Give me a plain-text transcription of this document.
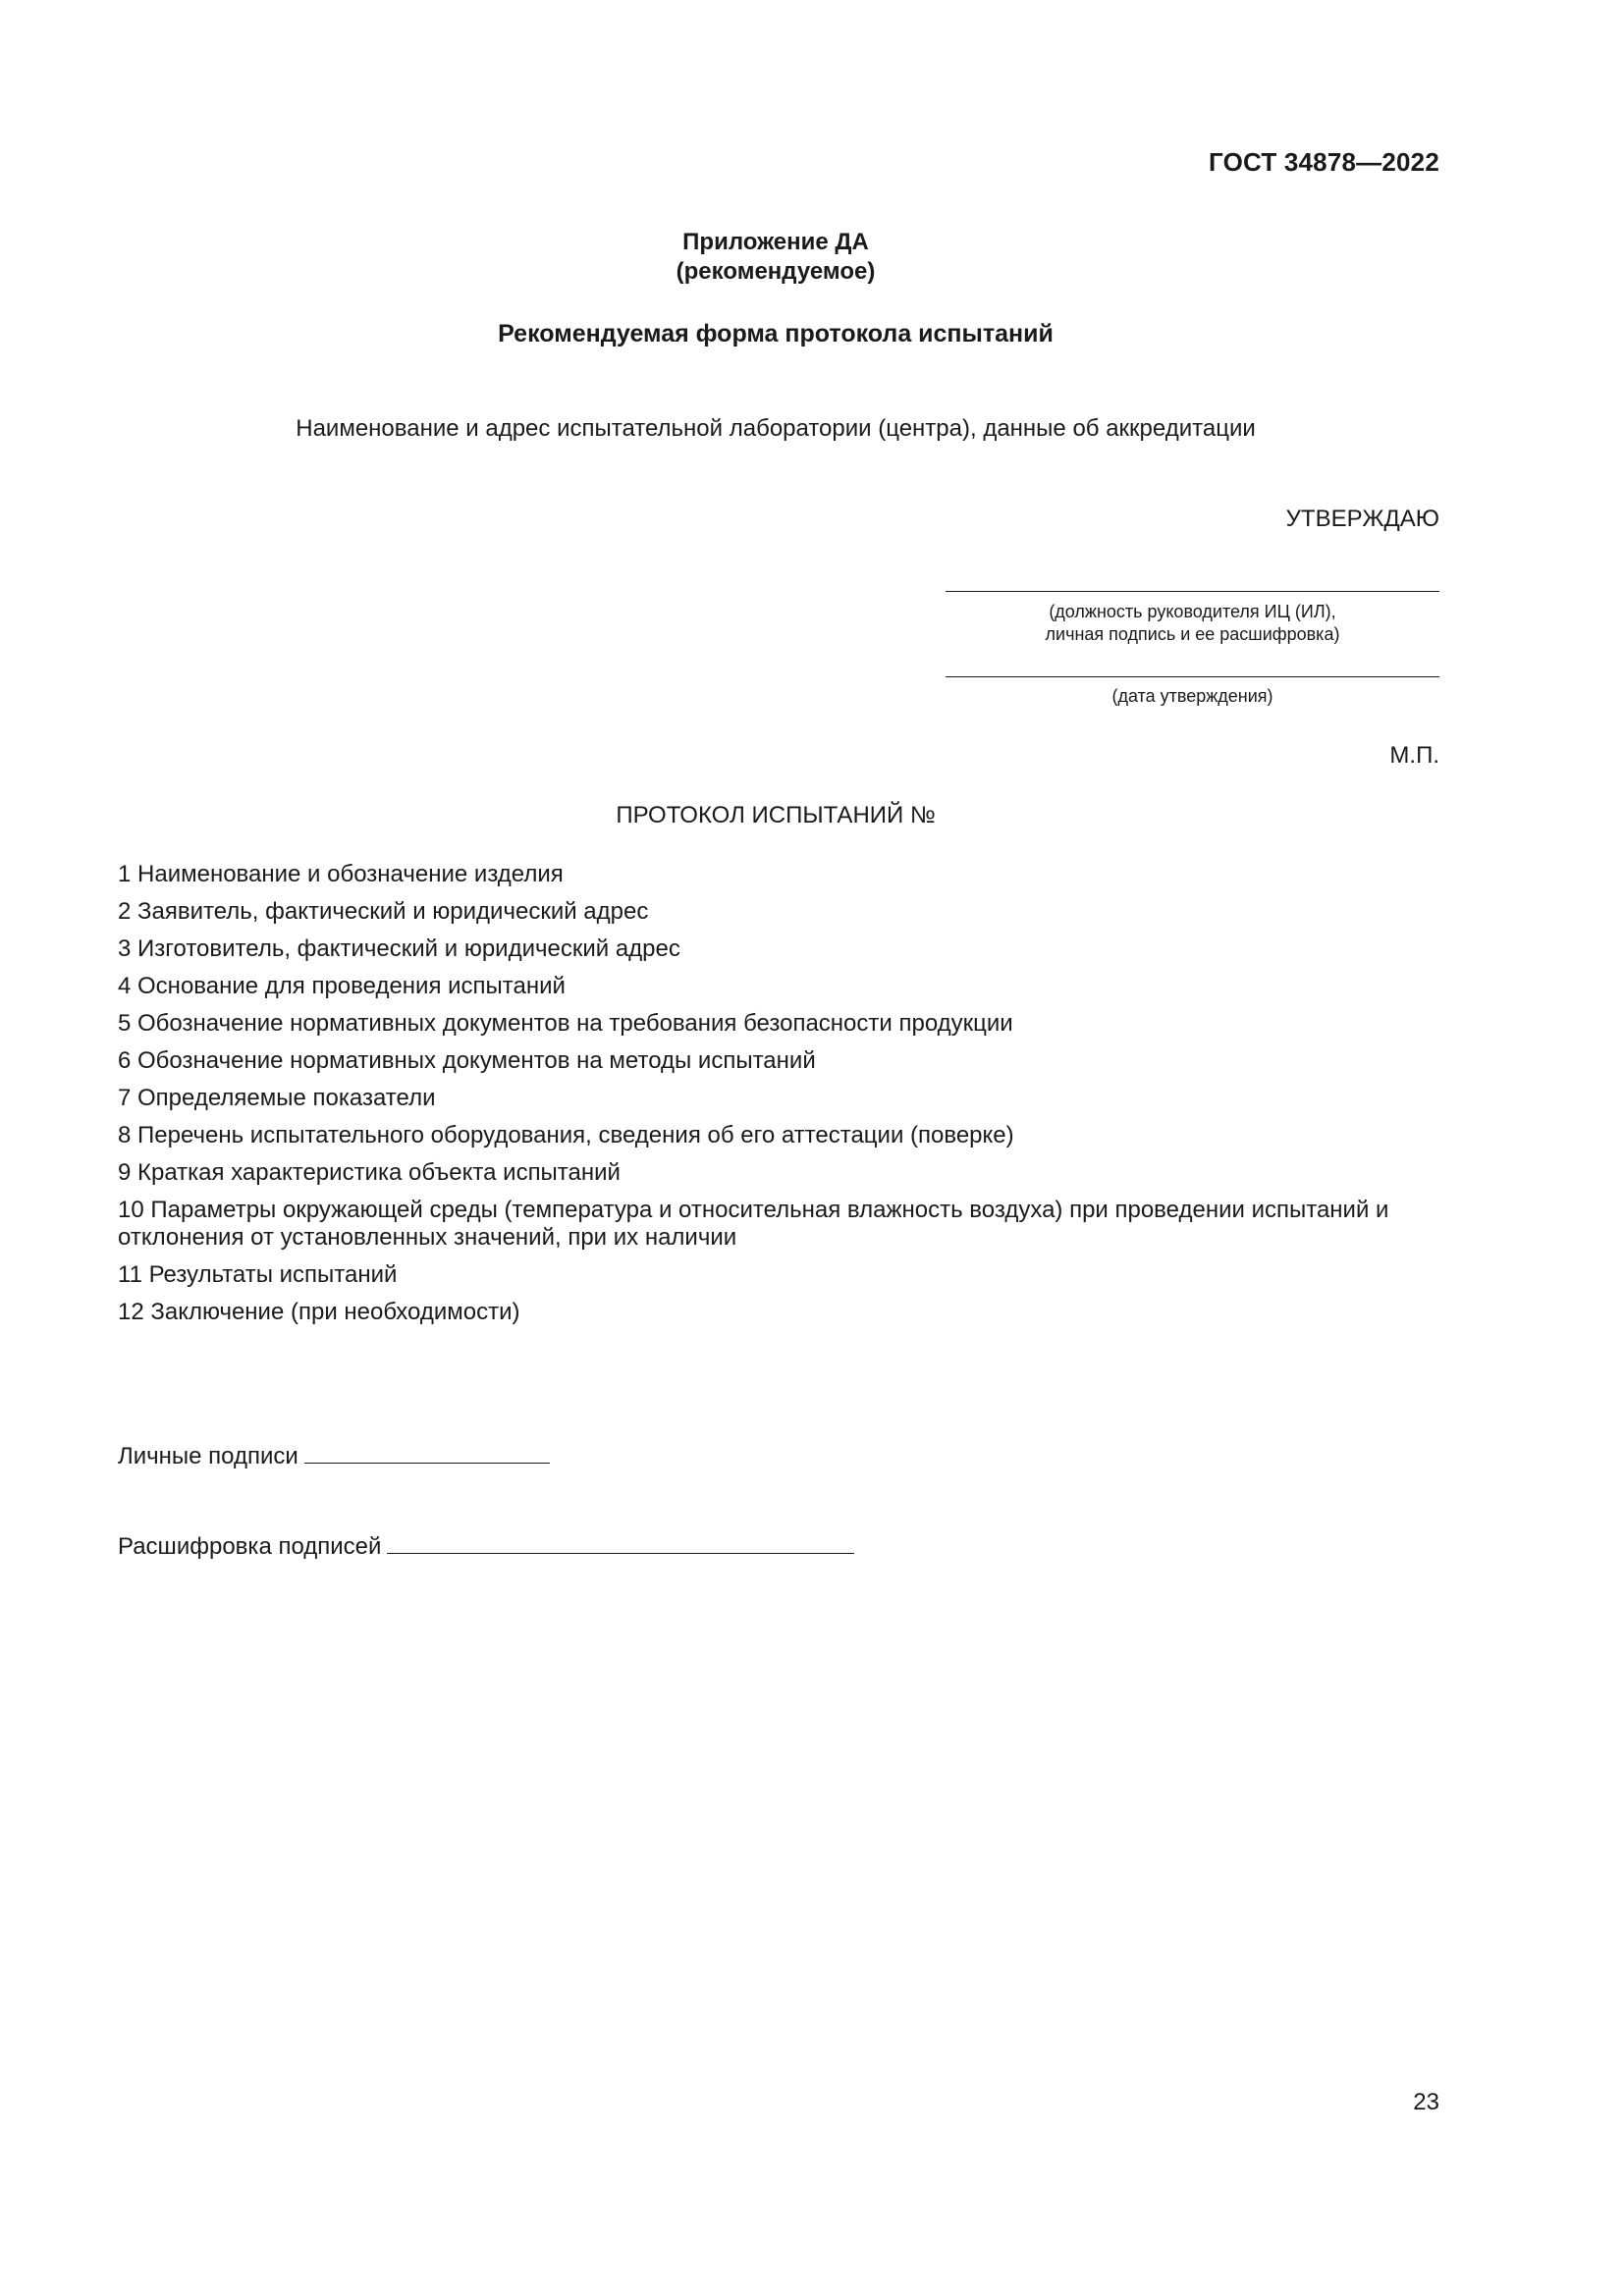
ГОСТ 34878—2022
Приложение ДА
(рекомендуемое)
Рекомендуемая форма протокола испытаний
Наименование и адрес испытательной лаборатории (центра), данные об аккредитации
УТВЕРЖДАЮ
(должность руководителя ИЦ (ИЛ),
личная подпись и ее расшифровка)
(дата утверждения)
М.П.
ПРОТОКОЛ ИСПЫТАНИЙ №
1 Наименование и обозначение изделия
2 Заявитель, фактический и юридический адрес
3 Изготовитель, фактический и юридический адрес
4 Основание для проведения испытаний
5 Обозначение нормативных документов на требования безопасности продукции
6 Обозначение нормативных документов на методы испытаний
7 Определяемые показатели
8 Перечень испытательного оборудования, сведения об его аттестации (поверке)
9 Краткая характеристика объекта испытаний
10 Параметры окружающей среды (температура и относительная влажность воздуха) при проведении испытаний и отклонения от установленных значений, при их наличии
11 Результаты испытаний
12 Заключение (при необходимости)
Личные подписи
Расшифровка подписей
23
